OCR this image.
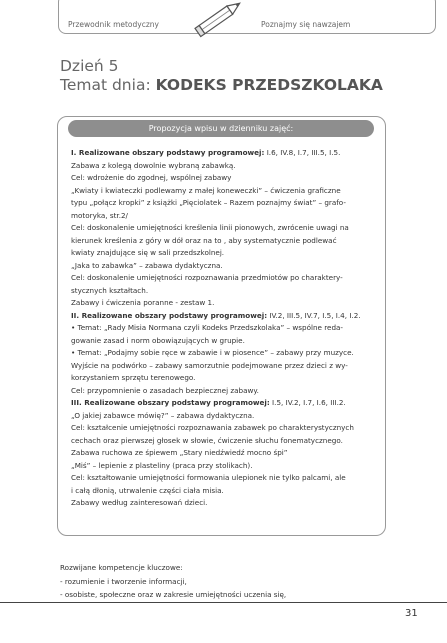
Przewodnik metodyczny	Poznajmy się nawzajem
Dzień 5
Temat dnia: KODEKS PRZEDSZKOLAKA
Propozycja wpisu w dzienniku zajęć:
I. Realizowane obszary podstawy programowej: I.6, IV.8, I.7, III.5, I.5.
Zabawa z kolegą dowolnie wybraną zabawką.
Cel: wdrożenie do zgodnej, wspólnej zabawy
„Kwiaty i kwiateczki podlewamy z małej koneweczki” – ćwiczenia graficzne
typu „połącz kropki” z książki „Pięciolatek – Razem poznajmy świat” – grafo-
motoryka, str.2/
Cel: doskonalenie umiejętności kreślenia linii pionowych, zwrócenie uwagi na
kierunek kreślenia z góry w dół oraz na to , aby systematycznie podlewać
kwiaty znajdujące się w sali przedszkolnej.
„Jaka to zabawka” – zabawa dydaktyczna.
Cel: doskonalenie umiejętności rozpoznawania przedmiotów po charaktery-
stycznych kształtach.
Zabawy i ćwiczenia poranne - zestaw 1.
II. Realizowane obszary podstawy programowej: IV.2, III.5, IV.7, I.5, I.4, I.2.
• Temat: „Rady Misia Normana czyli Kodeks Przedszkolaka” – wspólne reda-
gowanie zasad i norm obowiązujących w grupie.
• Temat: „Podajmy sobie ręce w zabawie i w piosence” – zabawy przy muzyce.
Wyjście na podwórko – zabawy samorzutnie podejmowane przez dzieci z wy-
korzystaniem sprzętu terenowego.
Cel: przypomnienie o zasadach bezpiecznej zabawy.
III. Realizowane obszary podstawy programowej: I.5, IV.2, I.7, I.6, III.2.
„O jakiej zabawce mówię?” – zabawa dydaktyczna.
Cel: kształcenie umiejętności rozpoznawania zabawek po charakterystycznych
cechach oraz pierwszej głosek w słowie, ćwiczenie słuchu fonematycznego.
Zabawa ruchowa ze śpiewem „Stary niedźwiedź mocno śpi”
„Miś” – lepienie z plasteliny (praca przy stolikach).
Cel: kształtowanie umiejętności formowania ulepionek nie tylko palcami, ale
i całą dłonią, utrwalenie części ciała misia.
Zabawy według zainteresowań dzieci.
Rozwijane kompetencje kluczowe:
- rozumienie i tworzenie informacji,
- osobiste, społeczne oraz w zakresie umiejętności uczenia się,
31
